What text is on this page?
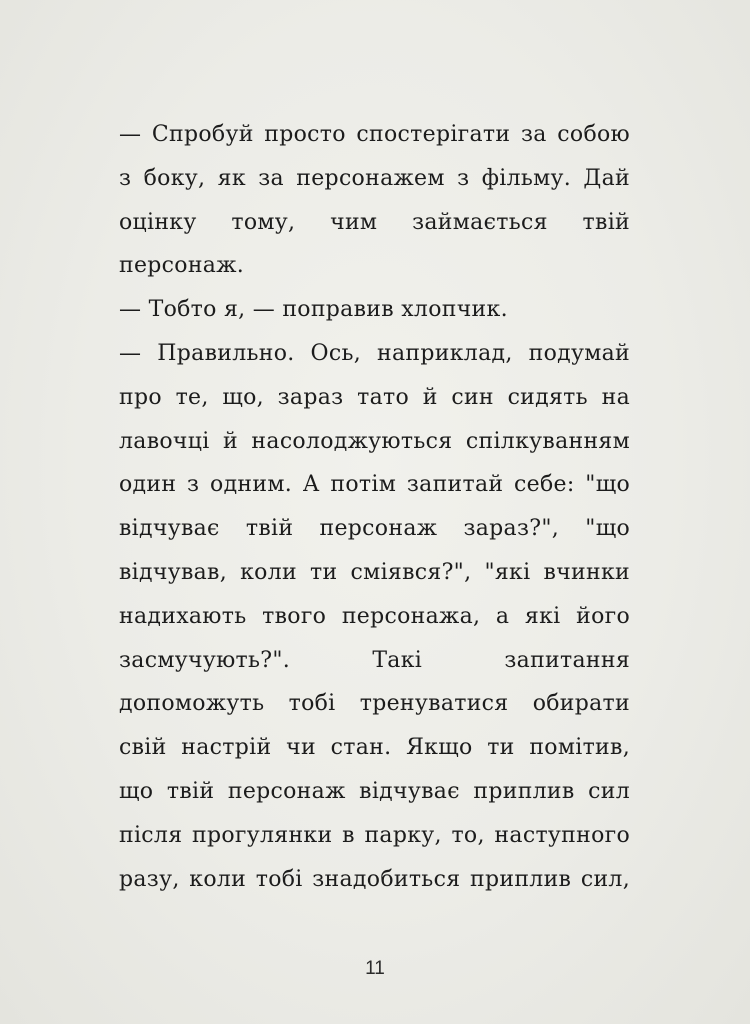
— Спробуй просто спостерігати за собою
з боку, як за персонажем з фільму. Дай
оцінку тому, чим займається твій
персонаж.
— Тобто я, — поправив хлопчик.
— Правильно. Ось, наприклад, подумай
про те, що, зараз тато й син сидять на
лавочці й насолоджуються спілкуванням
один з одним. А потім запитай себе: "що
відчуває твій персонаж зараз?", "що
відчував, коли ти сміявся?", "які вчинки
надихають твого персонажа, а які його
засмучують?". Такі запитання
допоможуть тобі тренуватися обирати
свій настрій чи стан. Якщо ти помітив,
що твій персонаж відчуває приплив сил
після прогулянки в парку, то, наступного
разу, коли тобі знадобиться приплив сил,
11
